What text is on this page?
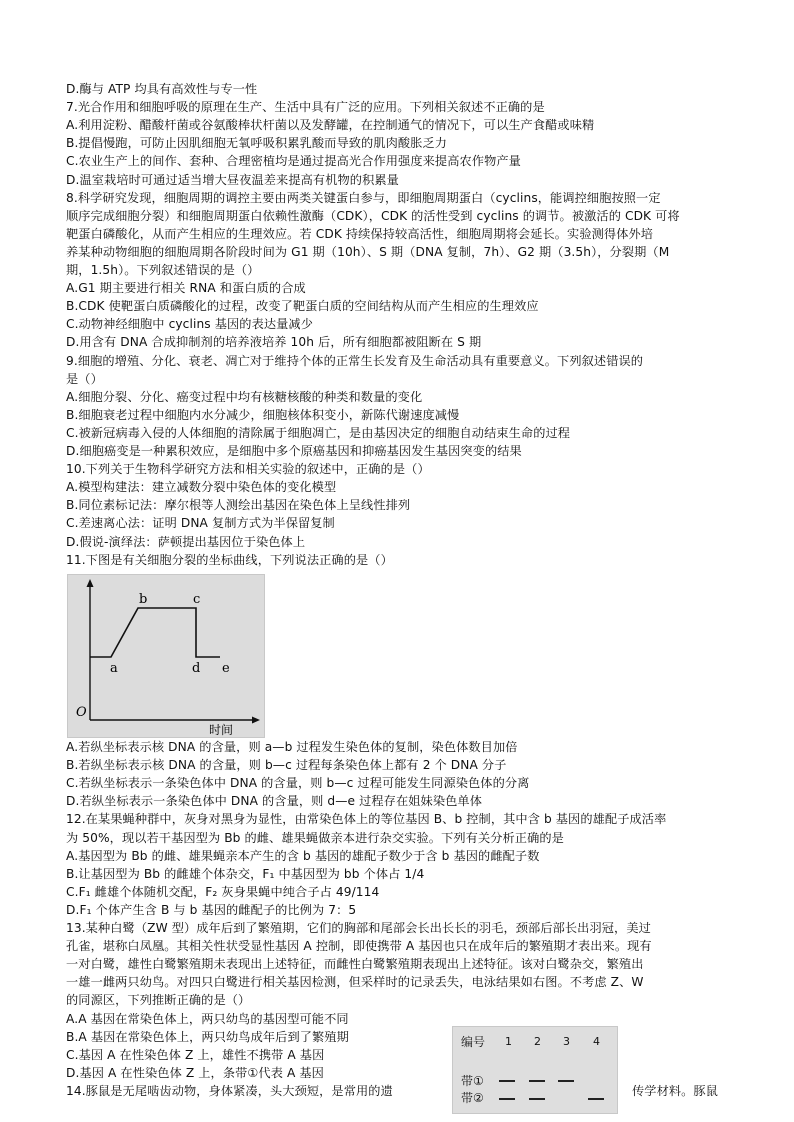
D.酶与 ATP 均具有高效性与专一性
7.光合作用和细胞呼吸的原理在生产、生活中具有广泛的应用。下列相关叙述不正确的是
A.利用淀粉、醋酸杆菌或谷氨酸棒状杆菌以及发酵罐，在控制通气的情况下，可以生产食醋或味精
B.提倡慢跑，可防止因肌细胞无氧呼吸积累乳酸而导致的肌肉酸胀乏力
C.农业生产上的间作、套种、合理密植均是通过提高光合作用强度来提高农作物产量
D.温室栽培时可通过适当增大昼夜温差来提高有机物的积累量
8.科学研究发现，细胞周期的调控主要由两类关键蛋白参与，即细胞周期蛋白（cyclins，能调控细胞按照一定
顺序完成细胞分裂）和细胞周期蛋白依赖性激酶（CDK），CDK 的活性受到 cyclins 的调节。被激活的 CDK 可将
靶蛋白磷酸化，从而产生相应的生理效应。若 CDK 持续保持较高活性，细胞周期将会延长。实验测得体外培
养某种动物细胞的细胞周期各阶段时间为 G1 期（10h）、S 期（DNA 复制，7h）、G2 期（3.5h），分裂期（M
期，1.5h）。下列叙述错误的是（）
A.G1 期主要进行相关 RNA 和蛋白质的合成
B.CDK 使靶蛋白质磷酸化的过程，改变了靶蛋白质的空间结构从而产生相应的生理效应
C.动物神经细胞中 cyclins 基因的表达量减少
D.用含有 DNA 合成抑制剂的培养液培养 10h 后，所有细胞都被阻断在 S 期
9.细胞的增殖、分化、衰老、凋亡对于维持个体的正常生长发育及生命活动具有重要意义。下列叙述错误的
是（）
A.细胞分裂、分化、癌变过程中均有核糖核酸的种类和数量的变化
B.细胞衰老过程中细胞内水分减少，细胞核体积变小，新陈代谢速度减慢
C.被新冠病毒入侵的人体细胞的清除属于细胞凋亡，是由基因决定的细胞自动结束生命的过程
D.细胞癌变是一种累积效应，是细胞中多个原癌基因和抑癌基因发生基因突变的结果
10.下列关于生物科学研究方法和相关实验的叙述中，正确的是（）
A.模型构建法：建立减数分裂中染色体的变化模型
B.同位素标记法：摩尔根等人测绘出基因在染色体上呈线性排列
C.差速离心法：证明 DNA 复制方式为半保留复制
D.假说-演绎法：萨顿提出基因位于染色体上
11.下图是有关细胞分裂的坐标曲线，下列说法正确的是（）
a
b	c
d e
O
时间
A.若纵坐标表示核 DNA 的含量，则 a—b 过程发生染色体的复制，染色体数目加倍
B.若纵坐标表示核 DNA 的含量，则 b—c 过程每条染色体上都有 2 个 DNA 分子
C.若纵坐标表示一条染色体中 DNA 的含量，则 b—c 过程可能发生同源染色体的分离
D.若纵坐标表示一条染色体中 DNA 的含量，则 d—e 过程存在姐妹染色单体
12.在某果蝇种群中，灰身对黑身为显性，由常染色体上的等位基因 B、b 控制，其中含 b 基因的雄配子成活率
为 50%，现以若干基因型为 Bb 的雌、雄果蝇做亲本进行杂交实验。下列有关分析正确的是
A.基因型为 Bb 的雌、雄果蝇亲本产生的含 b 基因的雄配子数少于含 b 基因的雌配子数
B.让基因型为 Bb 的雌雄个体杂交，F₁ 中基因型为 bb 个体占 1/4
C.F₁ 雌雄个体随机交配，F₂ 灰身果蝇中纯合子占 49/114
D.F₁ 个体产生含 B 与 b 基因的雌配子的比例为 7：5
13.某种白鹭（ZW 型）成年后到了繁殖期，它们的胸部和尾部会长出长长的羽毛，颈部后部长出羽冠，美过
孔雀，堪称白凤凰。其相关性状受显性基因 A 控制，即使携带 A 基因也只在成年后的繁殖期才表出来。现有
一对白鹭，雄性白鹭繁殖期未表现出上述特征，而雌性白鹭繁殖期表现出上述特征。该对白鹭杂交，繁殖出
一雄一雌两只幼鸟。对四只白鹭进行相关基因检测，但采样时的记录丢失，电泳结果如右图。不考虑 Z、W
的同源区，下列推断正确的是（）
A.A 基因在常染色体上，两只幼鸟的基因型可能不同
B.A 基因在常染色体上，两只幼鸟成年后到了繁殖期
C.基因 A 在性染色体 Z 上，雄性不携带 A 基因
D.基因 A 在性染色体 Z 上，条带①代表 A 基因
编号 1 2 3 4
带①
带②
14.豚鼠是无尾啮齿动物，身体紧凑，头大颈短，是常用的遗	传学材料。豚鼠
